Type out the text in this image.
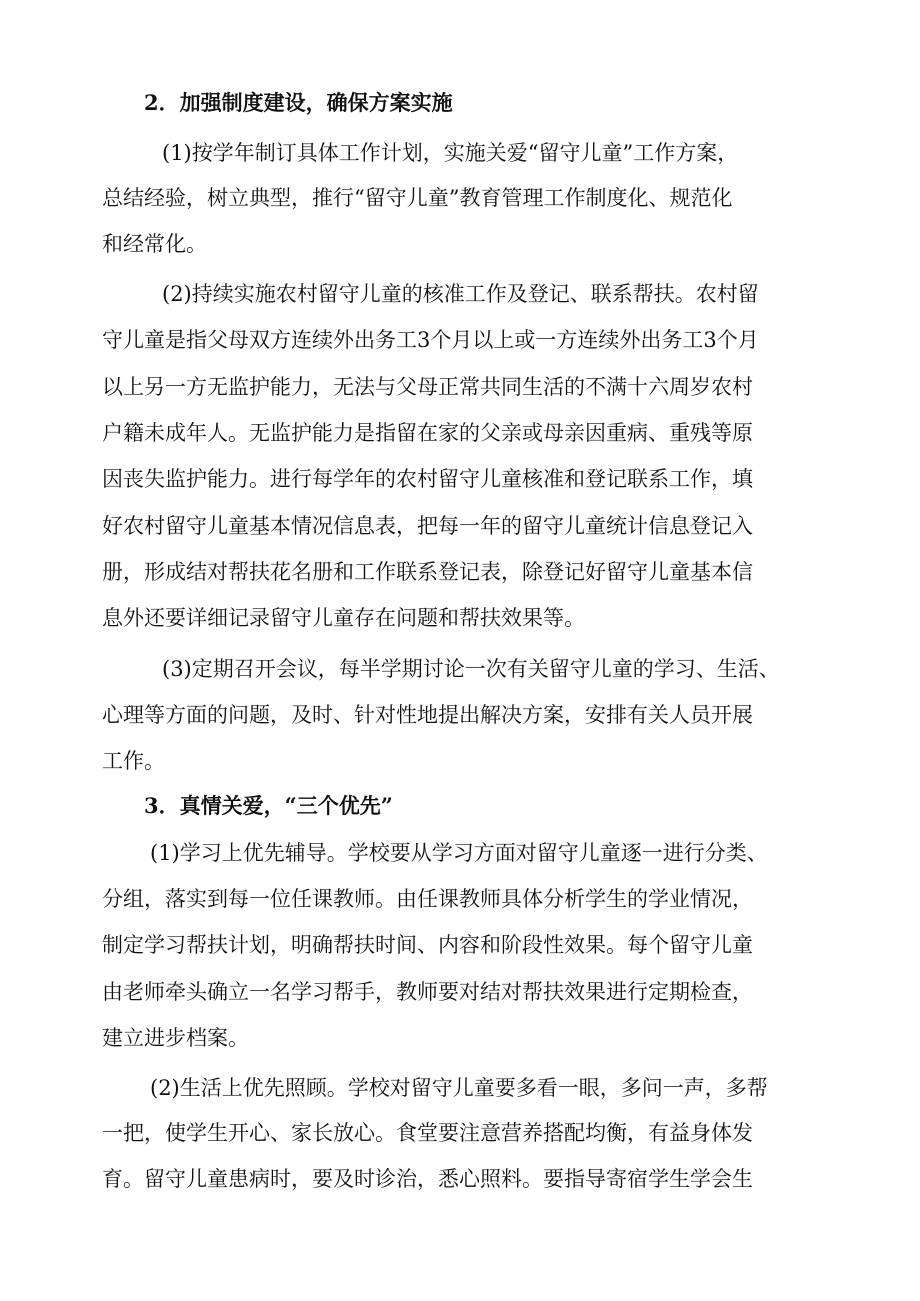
2．加强制度建设，确保方案实施
(1)按学年制订具体工作计划，实施关爱“留守儿童”工作方案，
总结经验，树立典型，推行“留守儿童”教育管理工作制度化、规范化
和经常化。
(2)持续实施农村留守儿童的核准工作及登记、联系帮扶。农村留
守儿童是指父母双方连续外出务工3个月以上或一方连续外出务工3个月
以上另一方无监护能力，无法与父母正常共同生活的不满十六周岁农村
户籍未成年人。无监护能力是指留在家的父亲或母亲因重病、重残等原
因丧失监护能力。进行每学年的农村留守儿童核准和登记联系工作，填
好农村留守儿童基本情况信息表，把每一年的留守儿童统计信息登记入
册，形成结对帮扶花名册和工作联系登记表，除登记好留守儿童基本信
息外还要详细记录留守儿童存在问题和帮扶效果等。
(3)定期召开会议，每半学期讨论一次有关留守儿童的学习、生活、
心理等方面的问题，及时、针对性地提出解决方案，安排有关人员开展
工作。
3．真情关爱，“三个优先”
(1)学习上优先辅导。学校要从学习方面对留守儿童逐一进行分类、
分组，落实到每一位任课教师。由任课教师具体分析学生的学业情况，
制定学习帮扶计划，明确帮扶时间、内容和阶段性效果。每个留守儿童
由老师牵头确立一名学习帮手，教师要对结对帮扶效果进行定期检查，
建立进步档案。
(2)生活上优先照顾。学校对留守儿童要多看一眼，多问一声，多帮
一把，使学生开心、家长放心。食堂要注意营养搭配均衡，有益身体发
育。留守儿童患病时，要及时诊治，悉心照料。要指导寄宿学生学会生
